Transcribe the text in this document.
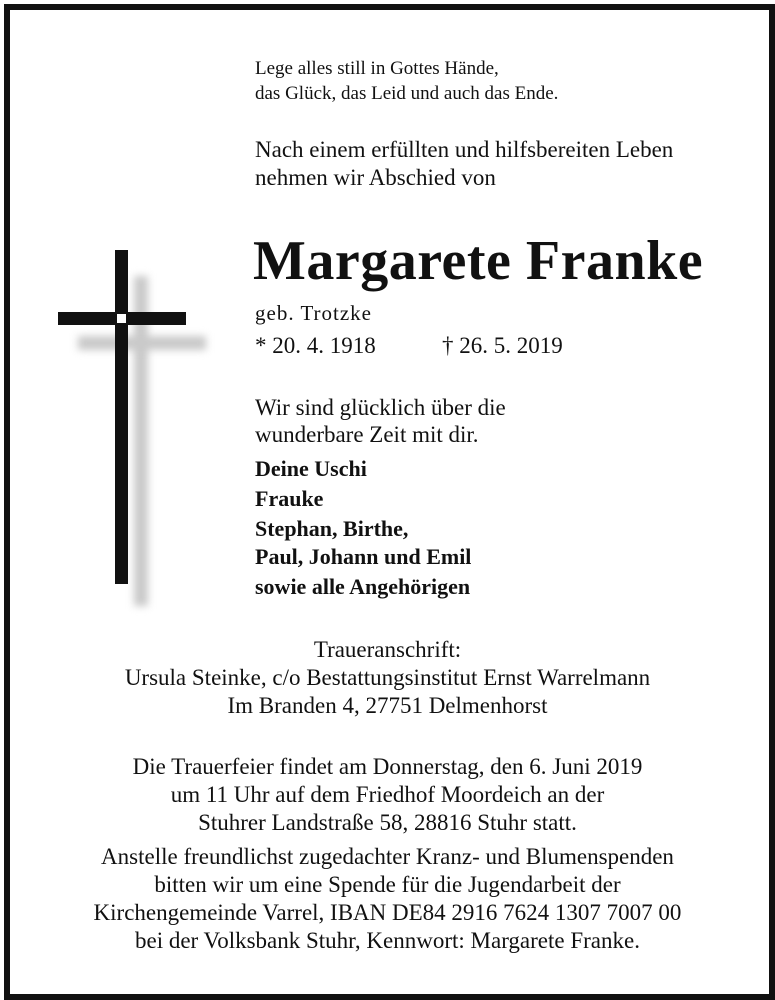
Lege alles still in Gottes Hände,
das Glück, das Leid und auch das Ende.
Nach einem erfüllten und hilfsbereiten Leben
nehmen wir Abschied von
Margarete Franke
geb. Trotzke
* 20. 4. 1918	† 26. 5. 2019
Wir sind glücklich über die
wunderbare Zeit mit dir.
Deine Uschi
Frauke
Stephan, Birthe,
Paul, Johann und Emil
sowie alle Angehörigen
Traueranschrift:
Ursula Steinke, c/o Bestattungsinstitut Ernst Warrelmann
Im Branden 4, 27751 Delmenhorst
Die Trauerfeier findet am Donnerstag, den 6. Juni 2019
um 11 Uhr auf dem Friedhof Moordeich an der
Stuhrer Landstraße 58, 28816 Stuhr statt.
Anstelle freundlichst zugedachter Kranz- und Blumenspenden
bitten wir um eine Spende für die Jugendarbeit der
Kirchengemeinde Varrel, IBAN DE84 2916 7624 1307 7007 00
bei der Volksbank Stuhr, Kennwort: Margarete Franke.
